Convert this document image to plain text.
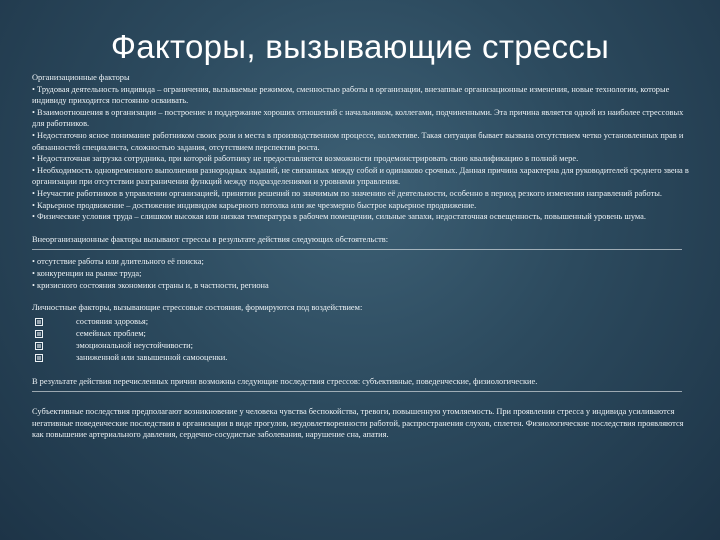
Факторы, вызывающие стрессы

Организационные факторы

• Трудовая деятельность индивида – ограничения, вызываемые режимом, сменностью работы в организации, внезапные организационные изменения, новые технологии, которые индивиду приходится постоянно осваивать.

• Взаимоотношения в организации – построение и поддержание хороших отношений с начальником, коллегами, подчиненными. Эта причина является одной из наиболее стрессовых для работников.

• Недостаточно ясное понимание работником своих роли и места в производственном процессе, коллективе. Такая ситуация бывает вызвана отсутствием четко установленных прав и обязанностей специалиста, сложностью задания, отсутствием перспектив роста.

• Недостаточная загрузка сотрудника, при которой работнику не предоставляется возможности продемонстрировать свою квалификацию в полной мере.

• Необходимость одновременного выполнения разнородных заданий, не связанных между собой и одинаково срочных. Данная причина характерна для руководителей среднего звена в организации при отсутствии разграничения функций между подразделениями и уровнями управления.

• Неучастие работников в управлении организацией, принятии решений по значимым по значению её деятельности, особенно в период резкого изменения направлений работы.

• Карьерное продвижение – достижение индивидом карьерного потолка или же чрезмерно быстрое карьерное продвижение.

• Физические условия труда – слишком высокая или низкая температура в рабочем помещении, сильные запахи, недостаточная освещенность, повышенный уровень шума.

Внеорганизационные факторы вызывают стрессы в результате действия следующих обстоятельств:

• отсутствие работы или длительного её поиска;

• конкуренции на рынке труда;

• кризисного состояния экономики страны и, в частности, региона

Личностные факторы, вызывающие стрессовые состояния, формируются под воздействием:

состояния здоровья;
семейных проблем;
эмоциональной неустойчивости;
заниженной или завышенной самооценки.

В результате действия перечисленных причин возможны следующие последствия стрессов: субъективные, поведенческие, физиологические.

Субъективные последствия предполагают возникновение у человека чувства беспокойства, тревоги, повышенную утомляемость. При проявлении стресса у индивида усиливаются негативные поведенческие последствия в организации в виде прогулов, неудовлетворенности работой, распространения слухов, сплетен. Физиологические последствия проявляются как повышение артериального давления, сердечно-сосудистые заболевания, нарушение сна, апатия.
